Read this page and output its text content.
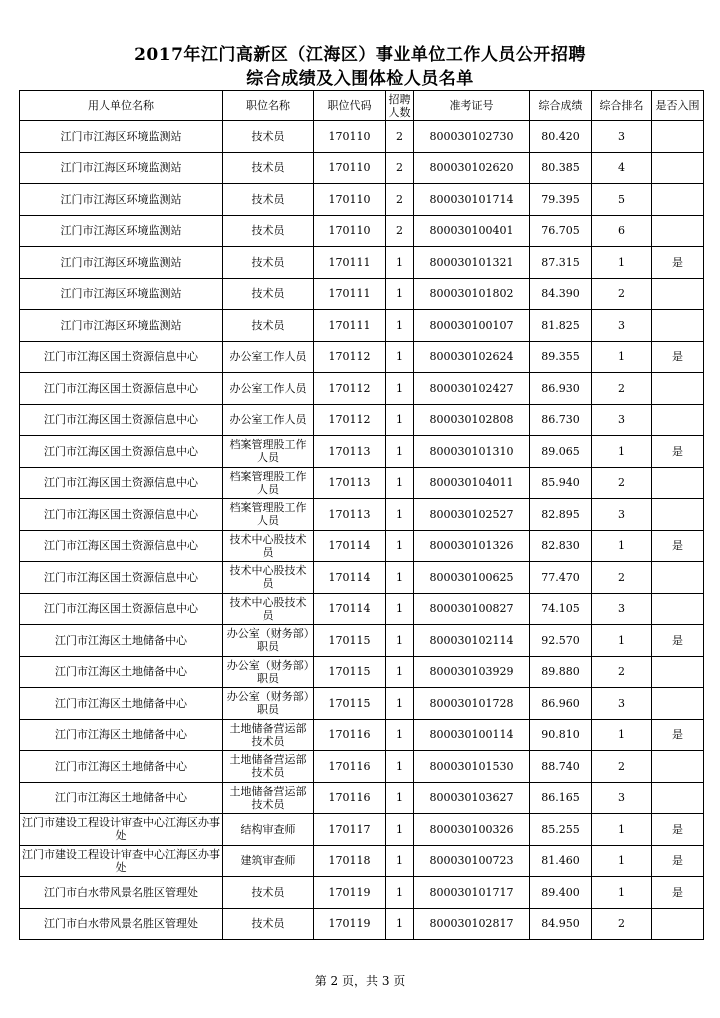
2017年江门高新区（江海区）事业单位工作人员公开招聘
综合成绩及入围体检人员名单
用人单位名称	职位名称	职位代码	招聘人数	准考证号	综合成绩	综合排名	是否入围
江门市江海区环境监测站	技术员	170110	2	800030102730	80.420	3	
江门市江海区环境监测站	技术员	170110	2	800030102620	80.385	4	
江门市江海区环境监测站	技术员	170110	2	800030101714	79.395	5	
江门市江海区环境监测站	技术员	170110	2	800030100401	76.705	6	
江门市江海区环境监测站	技术员	170111	1	800030101321	87.315	1	是
江门市江海区环境监测站	技术员	170111	1	800030101802	84.390	2	
江门市江海区环境监测站	技术员	170111	1	800030100107	81.825	3	
江门市江海区国土资源信息中心	办公室工作人员	170112	1	800030102624	89.355	1	是
江门市江海区国土资源信息中心	办公室工作人员	170112	1	800030102427	86.930	2	
江门市江海区国土资源信息中心	办公室工作人员	170112	1	800030102808	86.730	3	
江门市江海区国土资源信息中心	档案管理股工作人员	170113	1	800030101310	89.065	1	是
江门市江海区国土资源信息中心	档案管理股工作人员	170113	1	800030104011	85.940	2	
江门市江海区国土资源信息中心	档案管理股工作人员	170113	1	800030102527	82.895	3	
江门市江海区国土资源信息中心	技术中心股技术员	170114	1	800030101326	82.830	1	是
江门市江海区国土资源信息中心	技术中心股技术员	170114	1	800030100625	77.470	2	
江门市江海区国土资源信息中心	技术中心股技术员	170114	1	800030100827	74.105	3	
江门市江海区土地储备中心	办公室（财务部）职员	170115	1	800030102114	92.570	1	是
江门市江海区土地储备中心	办公室（财务部）职员	170115	1	800030103929	89.880	2	
江门市江海区土地储备中心	办公室（财务部）职员	170115	1	800030101728	86.960	3	
江门市江海区土地储备中心	土地储备营运部技术员	170116	1	800030100114	90.810	1	是
江门市江海区土地储备中心	土地储备营运部技术员	170116	1	800030101530	88.740	2	
江门市江海区土地储备中心	土地储备营运部技术员	170116	1	800030103627	86.165	3	
江门市建设工程设计审查中心江海区办事处	结构审查师	170117	1	800030100326	85.255	1	是
江门市建设工程设计审查中心江海区办事处	建筑审查师	170118	1	800030100723	81.460	1	是
江门市白水带风景名胜区管理处	技术员	170119	1	800030101717	89.400	1	是
江门市白水带风景名胜区管理处	技术员	170119	1	800030102817	84.950	2	
第 2 页，共 3 页
